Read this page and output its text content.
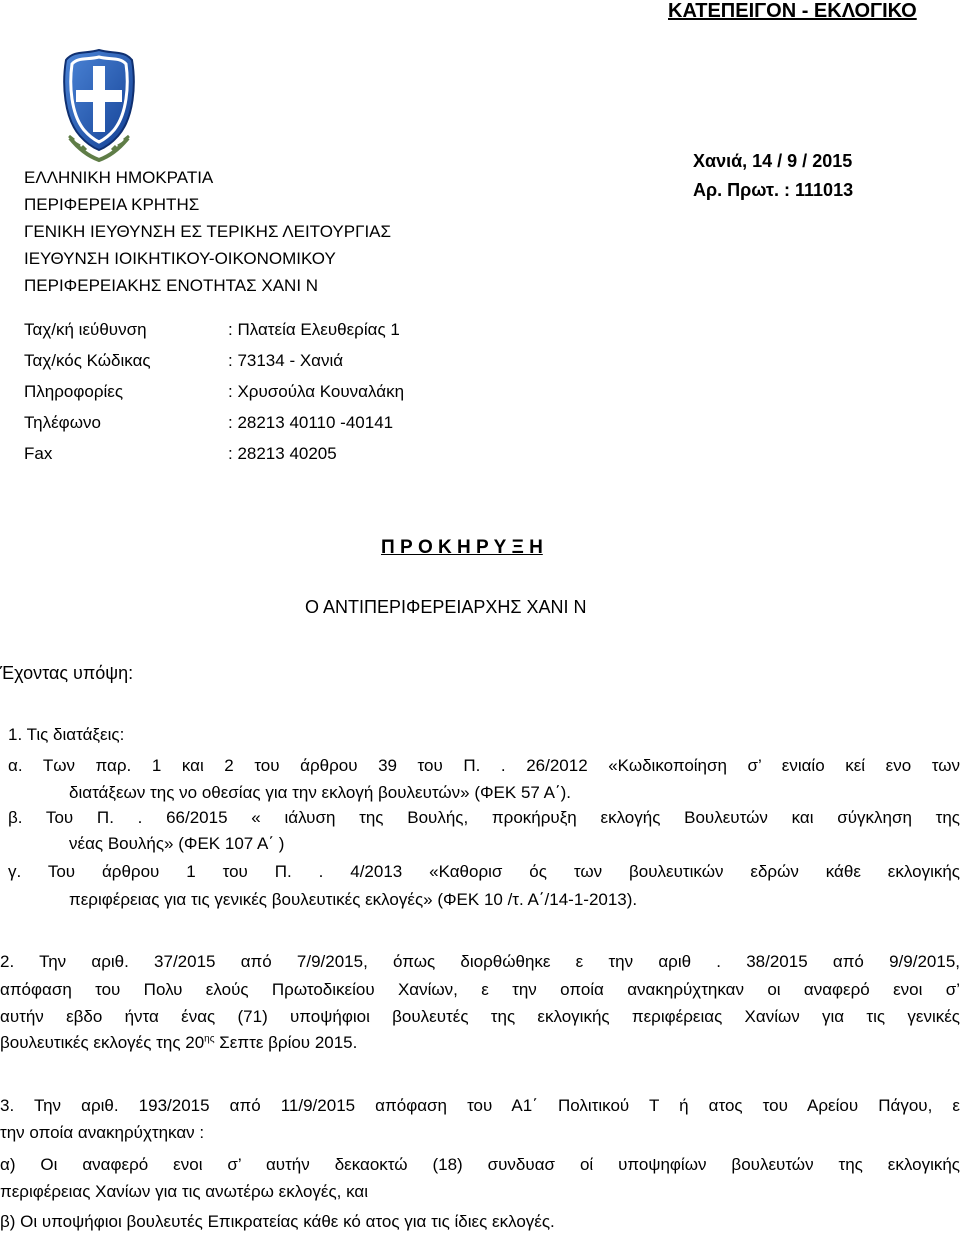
ΚΑΤΕΠΕΙΓΟΝ - ΕΚΛΟΓΙΚΟ
ΕΛΛΗΝΙΚΗ ΗΜΟΚΡΑΤΙΑ
ΠΕΡΙΦΕΡΕΙΑ ΚΡΗΤΗΣ
ΓΕΝΙΚΗ ΙΕΥΘΥΝΣΗ ΕΣ ΤΕΡΙΚΗΣ ΛΕΙΤΟΥΡΓΙΑΣ
ΙΕΥΘΥΝΣΗ ΙΟΙΚΗΤΙΚΟΥ-ΟΙΚΟΝΟΜΙΚΟΥ
ΠΕΡΙΦΕΡΕΙΑΚΗΣ ΕΝΟΤΗΤΑΣ ΧΑΝΙ Ν
Χανιά, 14 / 9 / 2015
Αρ. Πρωτ. : 111013
Ταχ/κή ιεύθυνση	: Πλατεία Ελευθερίας 1
Ταχ/κός Κώδικας	: 73134 - Χανιά
Πληροφορίες	: Χρυσούλα Κουναλάκη
Τηλέφωνο	: 28213 40110 -40141
Fax	: 28213 40205
Π Ρ Ο Κ Η Ρ Υ Ξ Η
Ο ΑΝΤΙΠΕΡΙΦΕΡΕΙΑΡΧΗΣ ΧΑΝΙ Ν
Έχοντας υπόψη:
1. Τις διατάξεις:
α. Των παρ. 1 και 2 του άρθρου 39 του Π. . 26/2012 «Κωδικοποίηση σ’ ενιαίο κεί ενο των
διατάξεων της νο οθεσίας για την εκλογή βουλευτών» (ΦΕΚ 57 Α΄).
β. Του Π. . 66/2015 « ιάλυση της Βουλής, προκήρυξη εκλογής Βουλευτών και σύγκληση της
νέας Βουλής» (ΦΕΚ 107 Α΄ )
γ. Του άρθρου 1 του Π. . 4/2013 «Καθορισ ός των βουλευτικών εδρών κάθε εκλογικής
περιφέρειας για τις γενικές βουλευτικές εκλογές» (ΦΕΚ 10 /τ. Α΄/14-1-2013).
2. Την αριθ. 37/2015 από 7/9/2015, όπως διορθώθηκε ε την αριθ . 38/2015 από 9/9/2015,
απόφαση του Πολυ ελούς Πρωτοδικείου Χανίων, ε την οποία ανακηρύχτηκαν οι αναφερό ενοι σ’
αυτήν εβδο ήντα ένας (71) υποψήφιοι βουλευτές της εκλογικής περιφέρειας Χανίων για τις γενικές
βουλευτικές εκλογές της $20^{\eta\varsigma}$ Σεπτε βρίου 2015.
3. Την αριθ. 193/2015 από 11/9/2015 απόφαση του Α1΄ Πολιτικού Τ ή ατος του Αρείου Πάγου, ε
την οποία ανακηρύχτηκαν :
α) Οι αναφερό ενοι σ’ αυτήν δεκαοκτώ (18) συνδυασ οί υποψηφίων βουλευτών της εκλογικής
περιφέρειας Χανίων για τις ανωτέρω εκλογές, και
β) Οι υποψήφιοι βουλευτές Επικρατείας κάθε κό ατος για τις ίδιες εκλογές.
